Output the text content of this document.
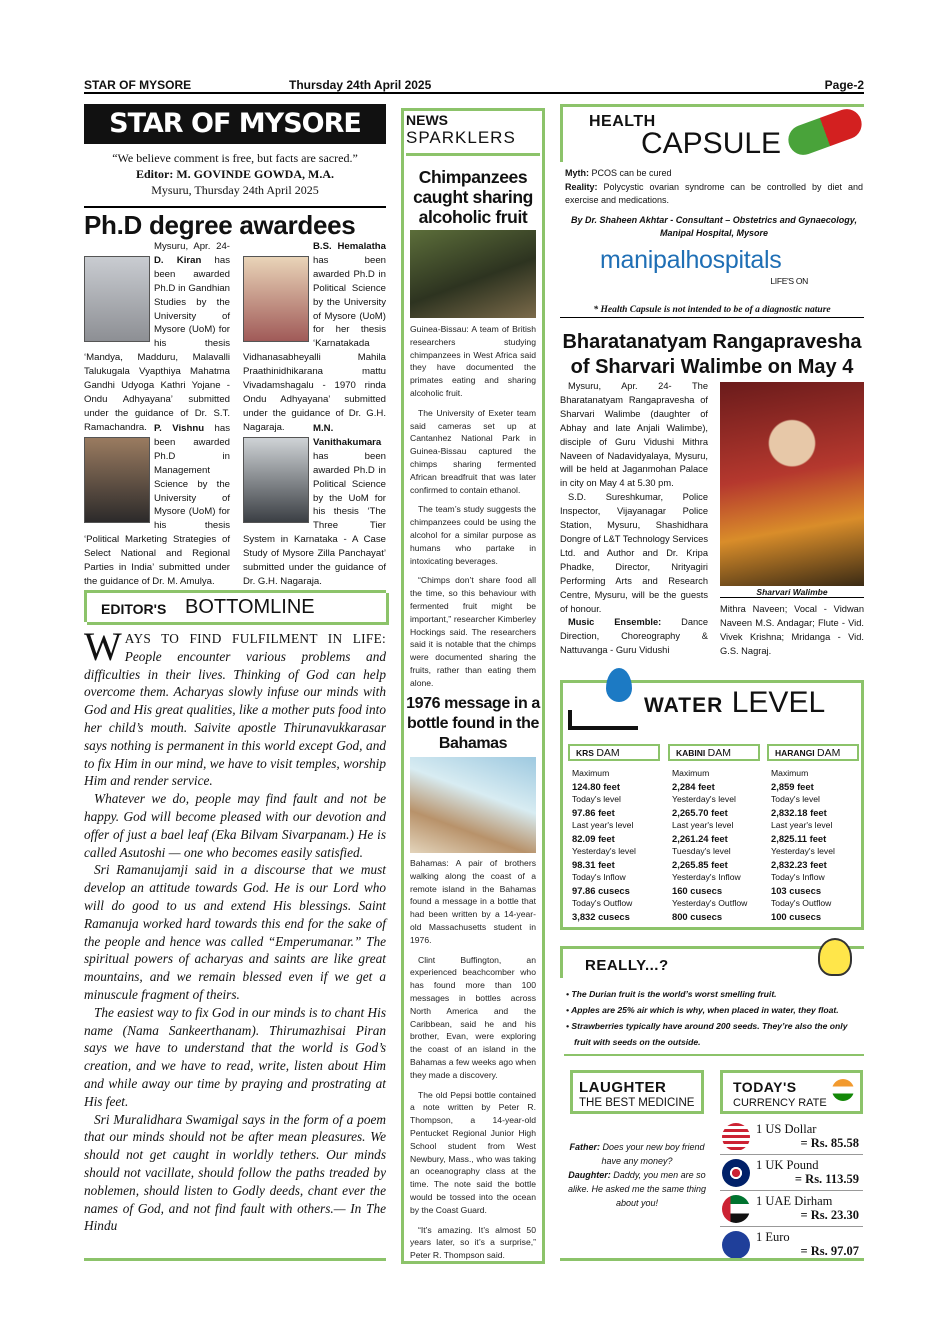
STAR OF MYSORE	Thursday 24th April 2025	Page-2
STAR OF MYSORE
“We believe comment is free, but facts are sacred.”
Editor: M. GOVINDE GOWDA, M.A.
Mysuru, Thursday 24th April 2025
Ph.D degree awardees
Mysuru, Apr. 24- D. Kiran has been awarded Ph.D in Gandhian Studies by the University of Mysore (UoM) for his thesis ‘Mandya, Madduru, Malavalli Talukugala Vyapthiya Mahatma Gandhi Udyoga Kathri Yojane - Ondu Adhyayana’ submitted under the guidance of Dr. S.T. Ramachandra.
B.S. Hemalatha has been awarded Ph.D in Political Science by the University of Mysore (UoM) for her thesis ‘Karnatakada Vidhanasabheyalli Mahila Praathinidhikarana mattu Vivadamshagalu - 1970 rinda Ondu Adhyayana’ submitted under the guidance of Dr. G.H. Nagaraja.
P. Vishnu has been awarded Ph.D in Management Science by the University of Mysore (UoM) for his thesis ‘Political Marketing Strategies of Select National and Regional Parties in India’ submitted under the guidance of Dr. M. Amulya.
M.N. Vanithakumara has been awarded Ph.D in Political Science by the UoM for his thesis ‘The Three Tier System in Karnataka - A Case Study of Mysore Zilla Panchayat’ submitted under the guidance of Dr. G.H. Nagaraja.
EDITOR'S BOTTOMLINE

WAYS TO FIND FULFILMENT IN LIFE: People encounter various problems and difficulties in their lives. Thinking of God can help overcome them. Acharyas slowly infuse our minds with God and His great qualities, like a mother puts food into her child’s mouth. Saivite apostle Thirunavukkarasar says nothing is permanent in this world except God, and to fix Him in our mind, we have to visit temples, worship Him and render service.

Whatever we do, people may find fault and not be happy. God will become pleased with our devotion and offer of just a bael leaf (Eka Bilvam Sivarpanam.) He is called Asutoshi — one who becomes easily satisfied.

Sri Ramanujamji said in a discourse that we must develop an attitude towards God. He is our Lord who will do good to us and extend His blessings. Saint Ramanuja worked hard towards this end for the sake of the people and hence was called “Emperumanar.” The spiritual powers of acharyas and saints are like great mountains, and we remain blessed even if we get a minuscule fragment of theirs.

The easiest way to fix God in our minds is to chant His name (Nama Sankeerthanam). Thirumazhisai Piran says we have to understand that the world is God’s creation, and we have to read, write, listen about Him and while away our time by praying and prostrating at His feet.

Sri Muralidhara Swamigal says in the form of a poem that our minds should not be after mean pleasures. We should not get caught in worldly tethers. Our minds should not vacillate, should follow the paths treaded by noblemen, should listen to Godly deeds, chant ever the names of God, and not find fault with others.— In The Hindu

NEWS
SPARKLERS
Chimpanzees caught sharing alcoholic fruit

Guinea-Bissau: A team of British researchers studying chimpanzees in West Africa said they have documented the primates eating and sharing alcoholic fruit.

The University of Exeter team said cameras set up at Cantanhez National Park in Guinea-Bissau captured the chimps sharing fermented African breadfruit that was later confirmed to contain ethanol.

The team’s study suggests the chimpanzees could be using the alcohol for a similar purpose as humans who partake in intoxicating beverages.

“Chimps don’t share food all the time, so this behaviour with fermented fruit might be important,” researcher Kimberley Hockings said. The researchers said it is notable that the chimps were documented sharing the fruits, rather than eating them alone.

1976 message in a bottle found in the Bahamas

Bahamas: A pair of brothers walking along the coast of a remote island in the Bahamas found a message in a bottle that had been written by a 14-year-old Massachusetts student in 1976.

Clint Buffington, an experienced beachcomber who has found more than 100 messages in bottles across North America and the Caribbean, said he and his brother, Evan, were exploring the coast of an island in the Bahamas a few weeks ago when they made a discovery.

The old Pepsi bottle contained a note written by Peter R. Thompson, a 14-year-old Pentucket Regional Junior High School student from West Newbury, Mass., who was taking an oceanography class at the time. The note said the bottle would be tossed into the ocean by the Coast Guard.

“It’s amazing. It’s almost 50 years later, so it’s a surprise,” Peter R. Thompson said.

HEALTH
CAPSULE
Myth: PCOS can be cured
Reality: Polycystic ovarian syndrome can be controlled by diet and exercise and medications.
By Dr. Shaheen Akhtar - Consultant – Obstetrics and Gynaecology, Manipal Hospital, Mysore
manipalhospitals
LIFE'S ON
* Health Capsule is not intended to be of a diagnostic nature
Bharatanatyam Rangapravesha of Sharvari Walimbe on May 4

Mysuru, Apr. 24- The Bharatanatyam Rangapravesha of Sharvari Walimbe (daughter of Abhay and late Anjali Walimbe), disciple of Guru Vidushi Mithra Naveen of Nadavidyalaya, Mysuru, will be held at Jaganmohan Palace in city on May 4 at 5.30 pm.

S.D. Sureshkumar, Police Inspector, Vijayanagar Police Station, Mysuru, Shashidhara Dongre of L&T Technology Services Ltd. and Author and Dr. Kripa Phadke, Director, Nrityagiri Performing Arts and Research Centre, Mysuru, will be the guests of honour.

Music Ensemble: Dance Direction, Choreography & Nattuvanga - Guru Vidushi

Sharvari Walimbe
Mithra Naveen; Vocal - Vidwan Naveen M.S. Andagar; Flute - Vid. Vivek Krishna; Mridanga - Vid. G.S. Nagraj.
WATER LEVEL
KRS DAM
Maximum
124.80 feet
Today's level
97.86 feet
Last year's level
82.09 feet
Yesterday's level
98.31 feet
Today's Inflow
97.86 cusecs
Today's Outflow
3,832 cusecs
KABINI DAM
Maximum
2,284 feet
Yesterday's level
2,265.70 feet
Last year's level
2,261.24 feet
Tuesday's level
2,265.85 feet
Yesterday's Inflow
160 cusecs
Yesterday's Outflow
800 cusecs
HARANGI DAM
Maximum
2,859 feet
Today's level
2,832.18 feet
Last year's level
2,825.11 feet
Yesterday's level
2,832.23 feet
Today's Inflow
103 cusecs
Today's Outflow
100 cusecs
REALLY...?
• The Durian fruit is the world’s worst smelling fruit.
• Apples are 25% air which is why, when placed in water, they float.
• Strawberries typically have around 200 seeds. They’re also the only fruit with seeds on the outside.
LAUGHTER
THE BEST MEDICINE
Father: Does your new boy friend have any money?
Daughter: Daddy, you men are so alike. He asked me the same thing about you!
TODAY'S
CURRENCY RATE
1 US Dollar
= Rs. 85.58
1 UK Pound
= Rs. 113.59
1 UAE Dirham
= Rs. 23.30
1 Euro
= Rs. 97.07
